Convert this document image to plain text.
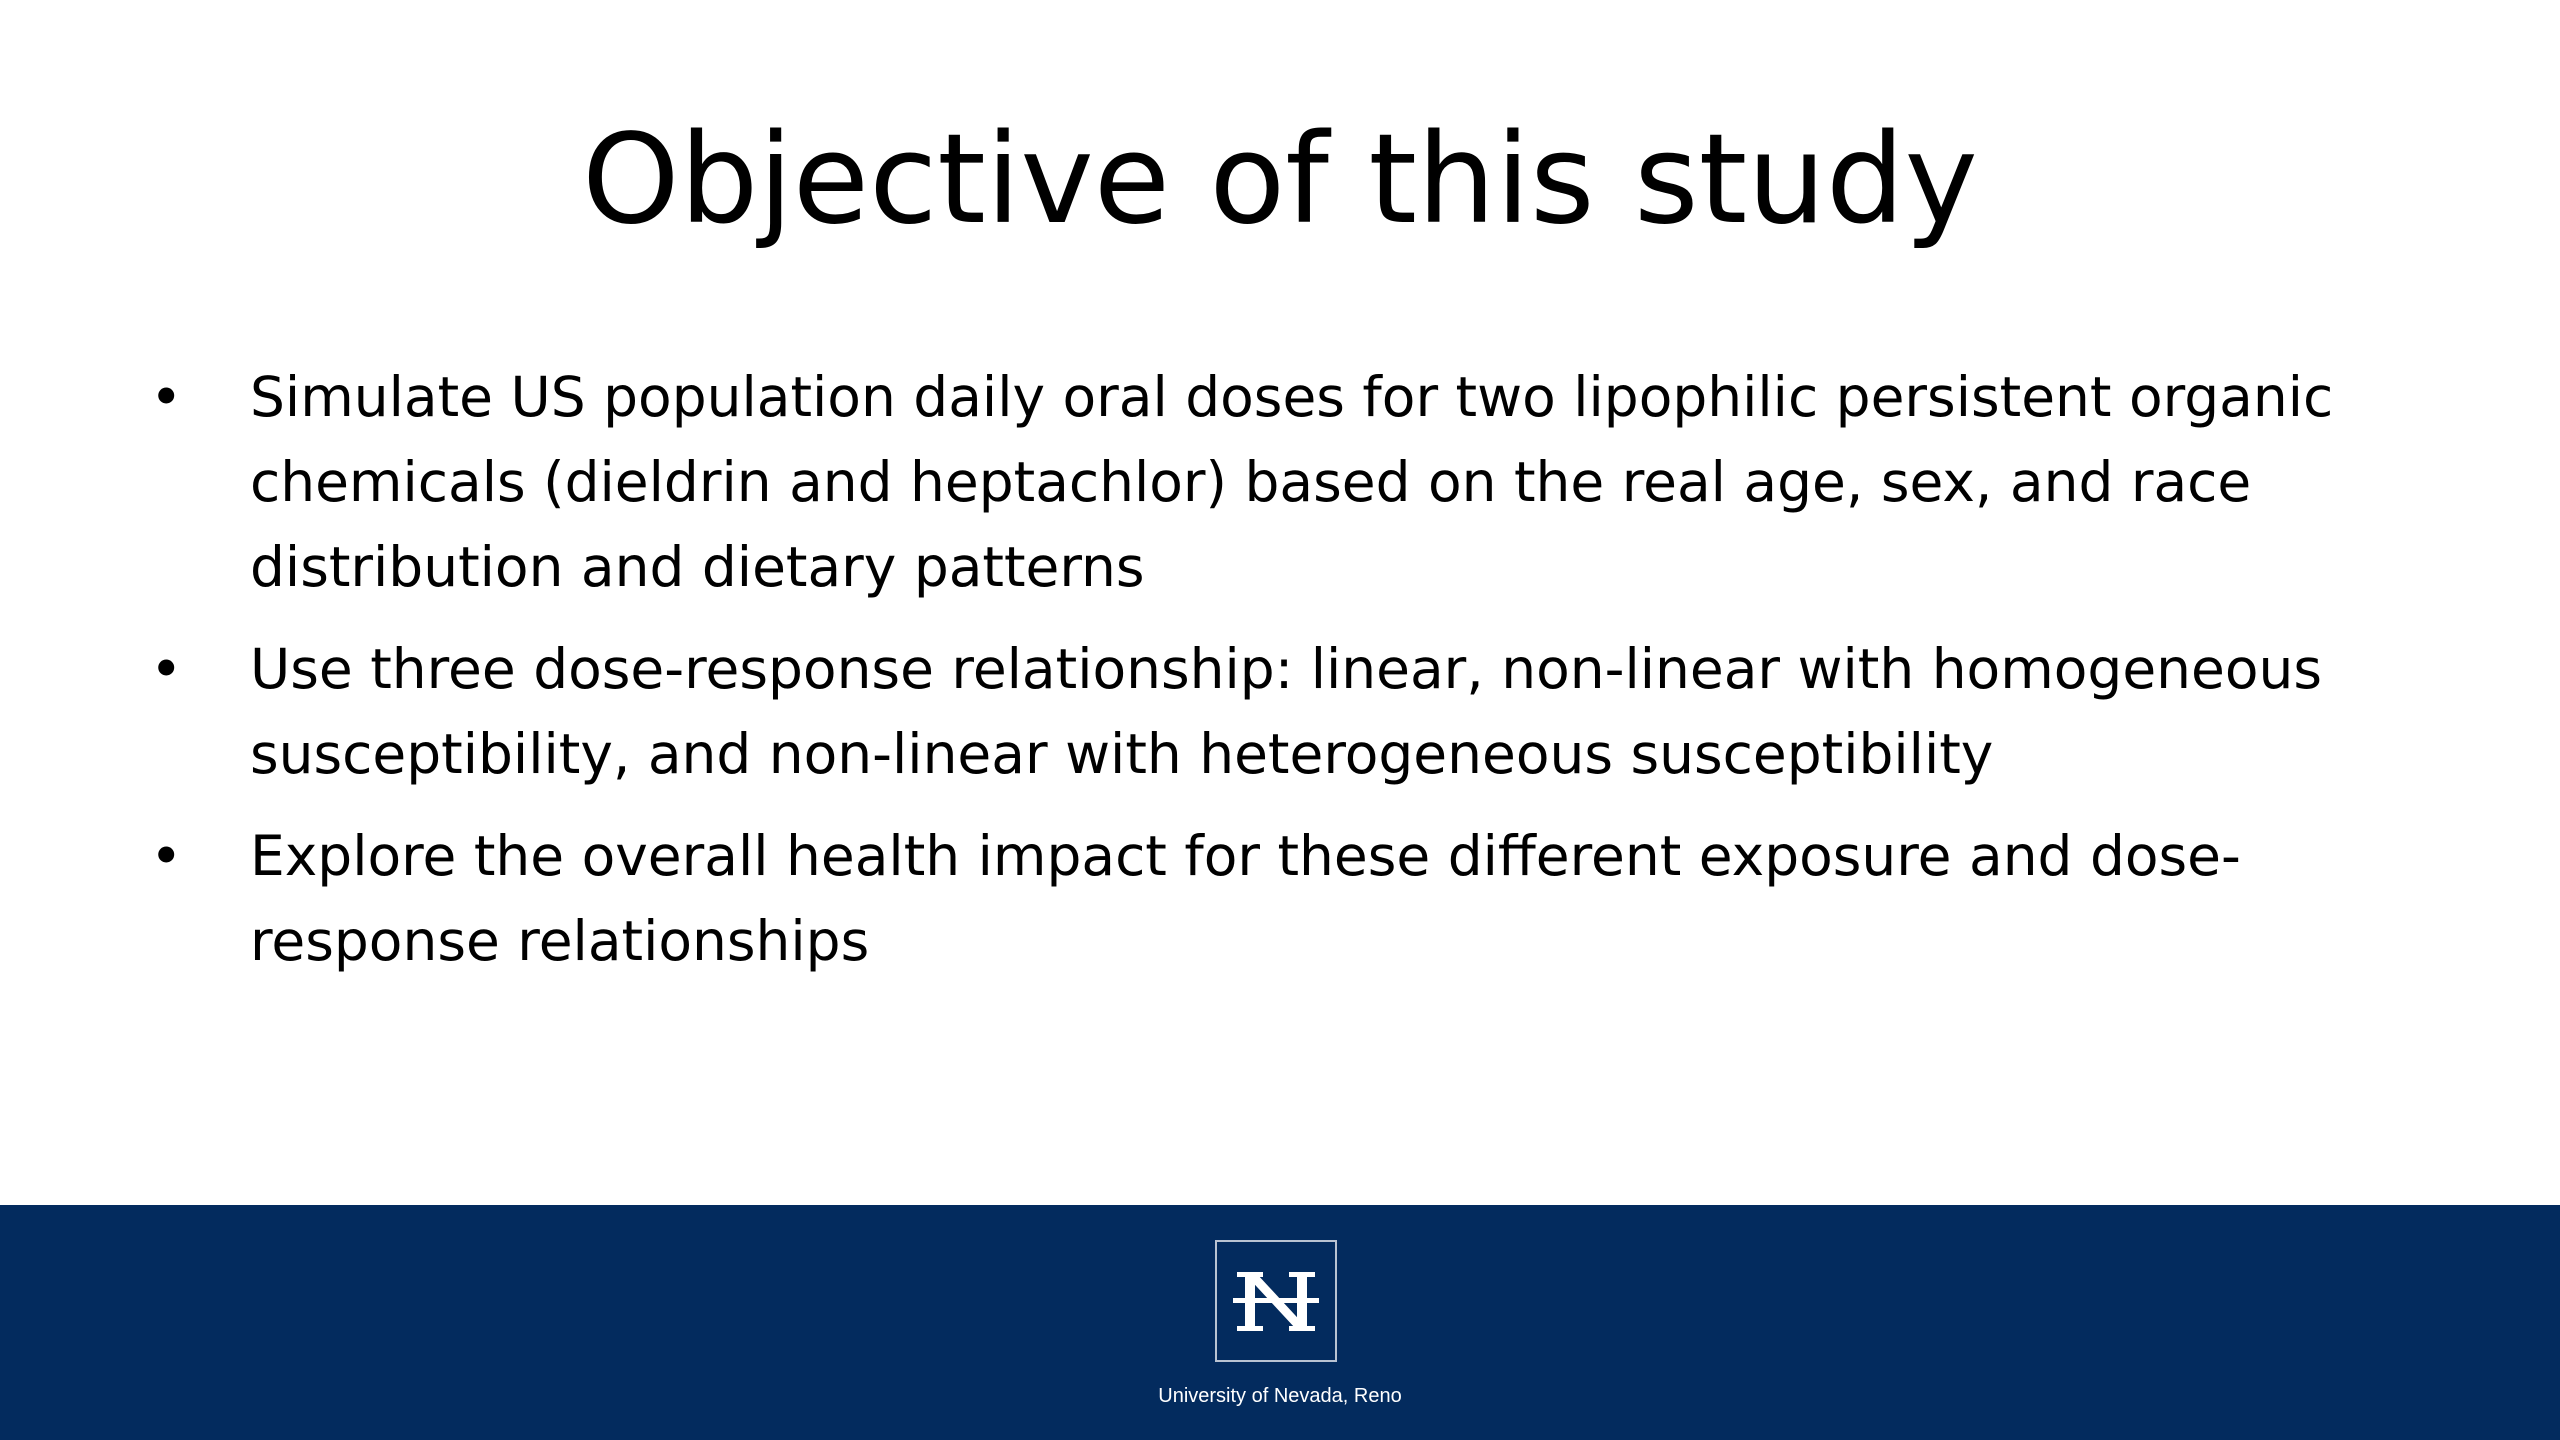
Objective of this study
• Simulate US population daily oral doses for two lipophilic persistent organic chemicals (dieldrin and heptachlor) based on the real age, sex, and race distribution and dietary patterns
• Use three dose-response relationship: linear, non-linear with homogeneous susceptibility, and non-linear with heterogeneous susceptibility
• Explore the overall health impact for these different exposure and dose-response relationships
University of Nevada, Reno
